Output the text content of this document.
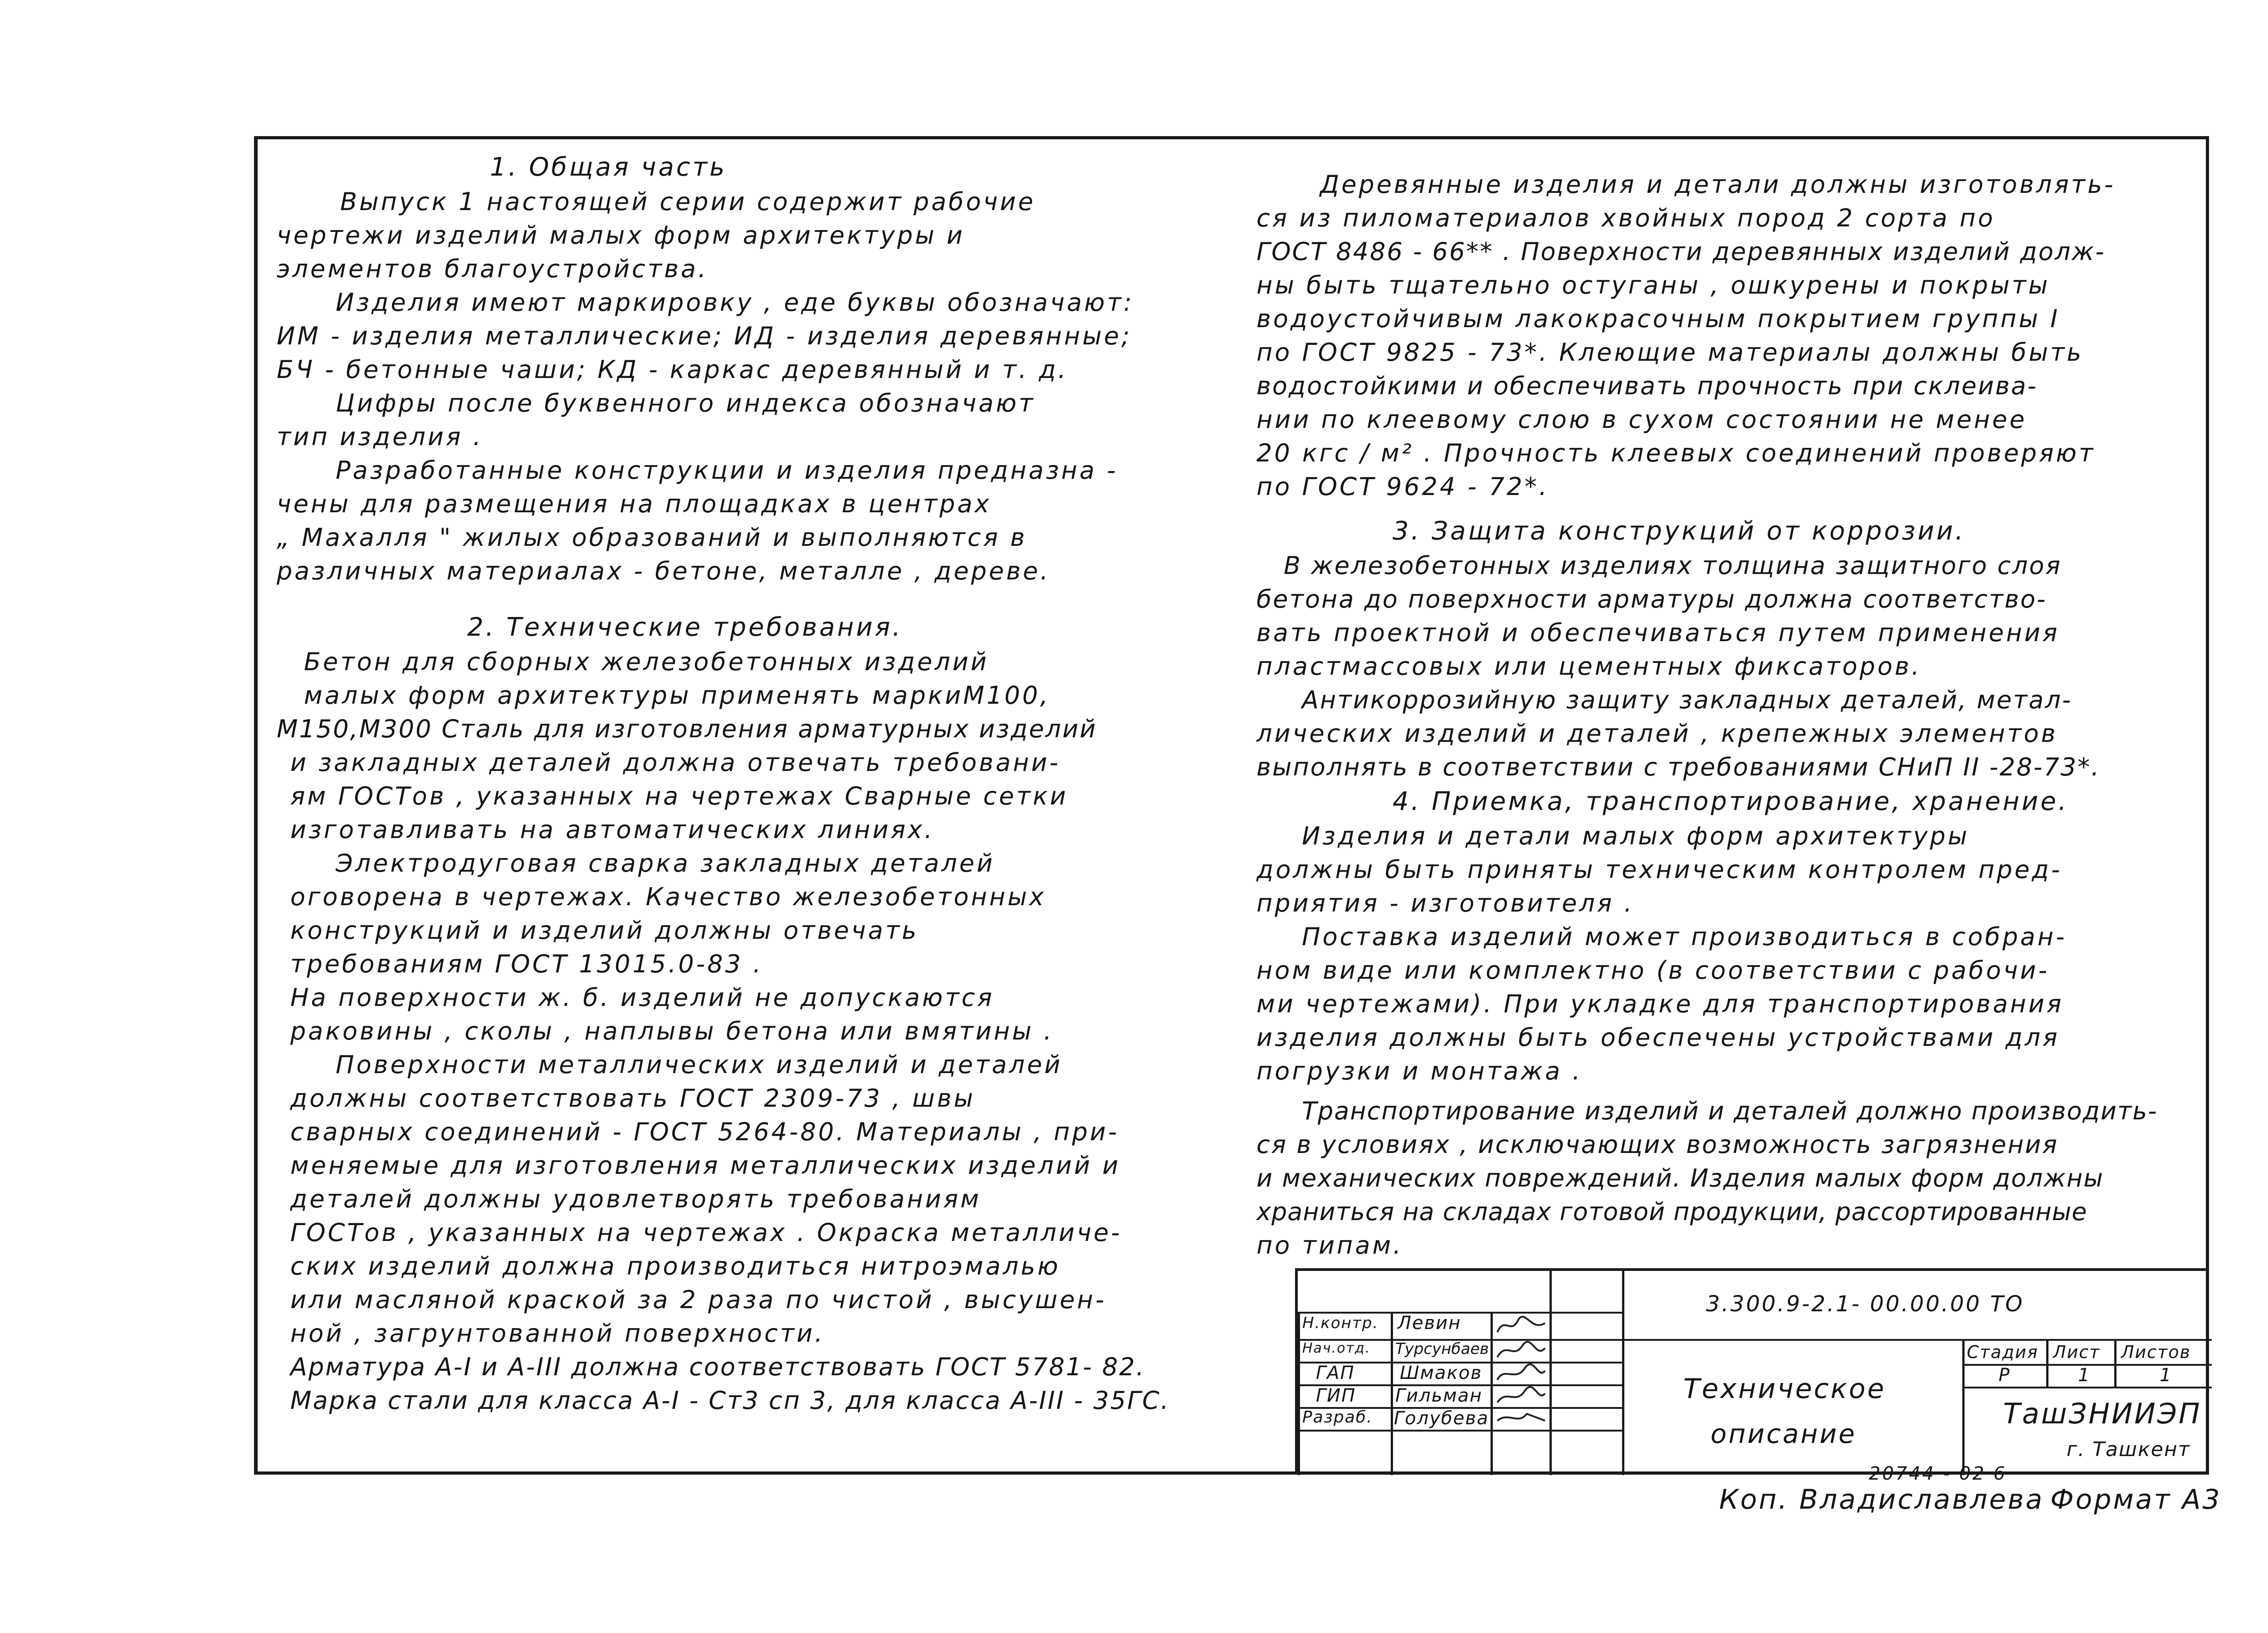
1. Общая часть

Выпуск 1 настоящей серии содержит рабочие

чертежи изделий малых форм архитектуры и

элементов благоустройства.

Изделия имеют маркировку , еде буквы обозначают:

ИМ - изделия металлические; ИД - изделия деревянные;

БЧ - бетонные чаши; КД - каркас деревянный и т. д.

Цифры после буквенного индекса обозначают

тип изделия .

Разработанные конструкции и изделия предназна -

чены для размещения на площадках в центрах

„ Махалля " жилых образований и выполняются в

различных материалах - бетоне, металле , дереве.

2. Технические требования.

Бетон для сборных железобетонных изделий

малых форм архитектуры применять маркиМ100,

М150,М300 Сталь для изготовления арматурных изделий

и закладных деталей должна отвечать требовани-

ям ГОСТов , указанных на чертежах Сварные сетки

изготавливать на автоматических линиях.

Электродуговая сварка закладных деталей

оговорена в чертежах. Качество железобетонных

конструкций и изделий должны отвечать

требованиям ГОСТ 13015.0-83 .

На поверхности ж. б. изделий не допускаются

раковины , сколы , наплывы бетона или вмятины .

Поверхности металлических изделий и деталей

должны соответствовать ГОСТ 2309-73 , швы

сварных соединений - ГОСТ 5264-80. Материалы , при-

меняемые для изготовления металлических изделий и

деталей должны удовлетворять требованиям

ГОСТов , указанных на чертежах . Окраска металличе-

ских изделий должна производиться нитроэмалью

или масляной краской за 2 раза по чистой , высушен-

ной , загрунтованной поверхности.

Арматура A-I и A-III должна соответствовать ГОСТ 5781- 82.

Марка стали для класса A-I - Ст3 сп 3, для класса A-III - 35ГС.

Деревянные изделия и детали должны изготовлять-

ся из пиломатериалов хвойных пород 2 сорта по

ГОСТ 8486 - 66** . Поверхности деревянных изделий долж-

ны быть тщательно остуганы , ошкурены и покрыты

водоустойчивым лакокрасочным покрытием группы I

по ГОСТ 9825 - 73*. Клеющие материалы должны быть

водостойкими и обеспечивать прочность при склеива-

нии по клеевому слою в сухом состоянии не менее

20 кгс / м² . Прочность клеевых соединений проверяют

по ГОСТ 9624 - 72*.

3. Защита конструкций от коррозии.

В железобетонных изделиях толщина защитного слоя

бетона до поверхности арматуры должна соответство-

вать проектной и обеспечиваться путем применения

пластмассовых или цементных фиксаторов.

Антикоррозийную защиту закладных деталей, метал-

лических изделий и деталей , крепежных элементов

выполнять в соответствии с требованиями СНиП II -28-73*.

4. Приемка, транспортирование, хранение.

Изделия и детали малых форм архитектуры

должны быть приняты техническим контролем пред-

приятия - изготовителя .

Поставка изделий может производиться в собран-

ном виде или комплектно (в соответствии с рабочи-

ми чертежами). При укладке для транспортирования

изделия должны быть обеспечены устройствами для

погрузки и монтажа .

Транспортирование изделий и деталей должно производить-

ся в условиях , исключающих возможность загрязнения

и механических повреждений. Изделия малых форм должны

храниться на складах готовой продукции, рассортированные

по типам.

Н.контр. Левин
Нач.отд. Турсунбаев
ГАП Шмаков
ГИП Гильман
Разраб. Голубева
3.300.9-2.1- 00.00.00 ТО
Техническое
описание
Стадия Лист Листов
Р	1	1
ТашЗНИИЭП
г. Ташкент
20744 - 02 6
Коп. Владиславлева Формат А3
